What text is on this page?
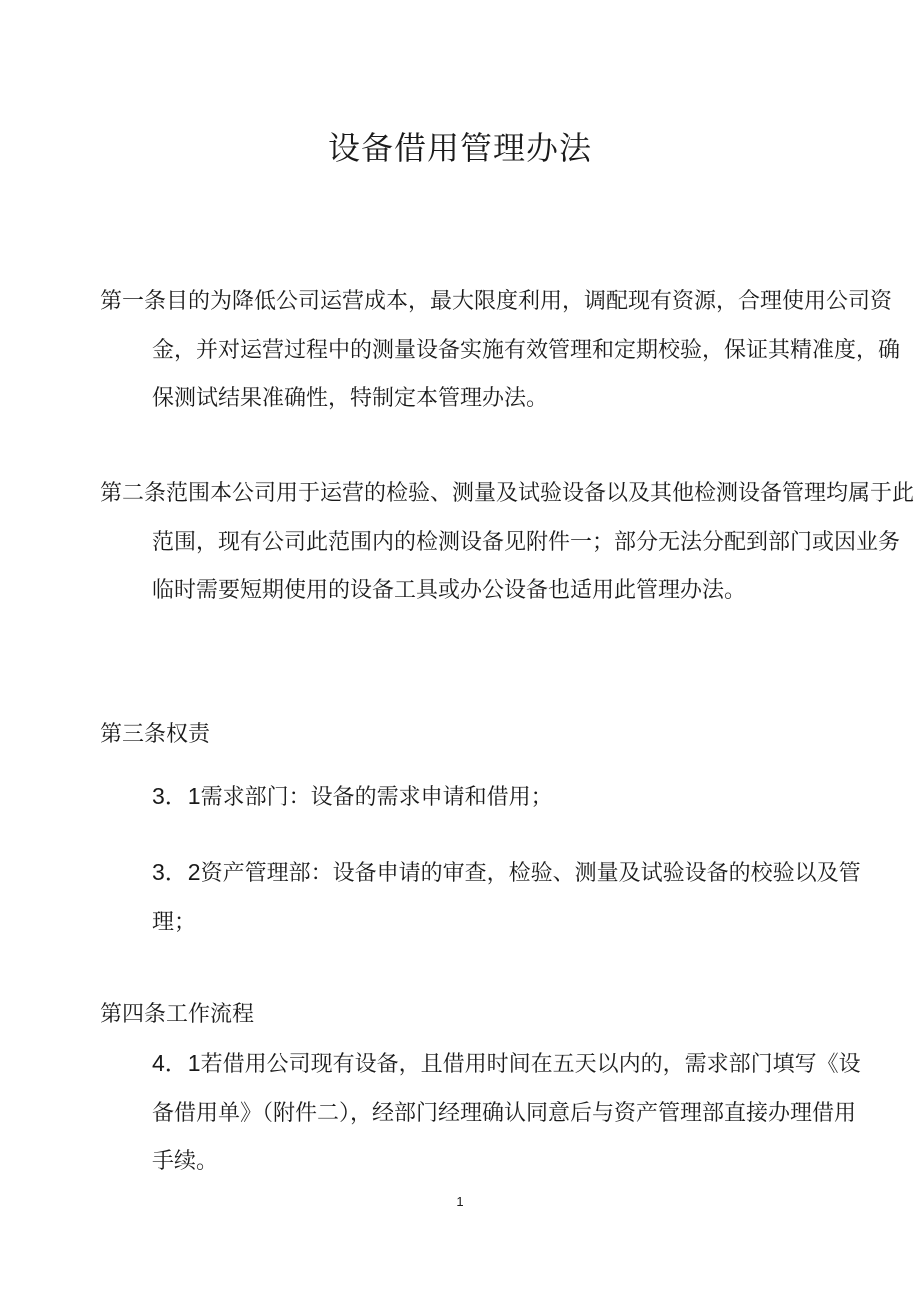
设备借用管理办法

第一条目的为降低公司运营成本，最大限度利用，调配现有资源，合理使用公司资金，并对运营过程中的测量设备实施有效管理和定期校验，保证其精准度，确保测试结果准确性，特制定本管理办法。

第二条范围本公司用于运营的检验、测量及试验设备以及其他检测设备管理均属于此范围，现有公司此范围内的检测设备见附件一；部分无法分配到部门或因业务临时需要短期使用的设备工具或办公设备也适用此管理办法。

第三条权责

3．1需求部门：设备的需求申请和借用；

3．2资产管理部：设备申请的审查，检验、测量及试验设备的校验以及管理；

第四条工作流程

4．1若借用公司现有设备，且借用时间在五天以内的，需求部门填写《设备借用单》（附件二），经部门经理确认同意后与资产管理部直接办理借用手续。

1
